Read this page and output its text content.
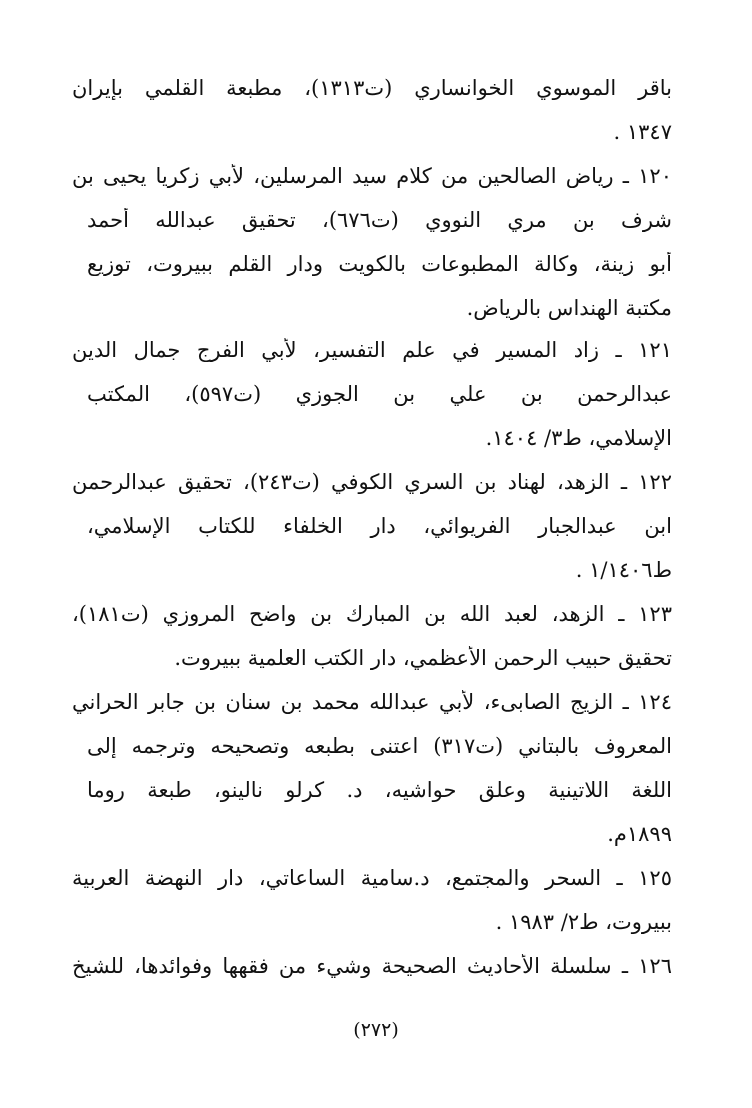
باقر الموسوي الخوانساري (ت١٣١٣)، مطبعة القلمي بإيران
١٣٤٧ .
١٢٠ ـ رياض الصالحين من كلام سيد المرسلين، لأبي زكريا يحيى بن
شرف بن مري النووي (ت٦٧٦)، تحقيق عبدالله أحمد
أبو زينة، وكالة المطبوعات بالكويت ودار القلم ببيروت، توزيع
مكتبة الهنداس بالرياض.
١٢١ ـ زاد المسير في علم التفسير، لأبي الفرج جمال الدين
عبدالرحمن بن علي بن الجوزي (ت٥٩٧)، المكتب
الإسلامي، ط٣/ ١٤٠٤.
١٢٢ ـ الزهد، لهناد بن السري الكوفي (ت٢٤٣)، تحقيق عبدالرحمن
ابن عبدالجبار الفريوائي، دار الخلفاء للكتاب الإسلامي،
ط١/١٤٠٦ .
١٢٣ ـ الزهد، لعبد الله بن المبارك بن واضح المروزي (ت١٨١)،
تحقيق حبيب الرحمن الأعظمي، دار الكتب العلمية ببيروت.
١٢٤ ـ الزيج الصابىء، لأبي عبدالله محمد بن سنان بن جابر الحراني
المعروف بالبتاني (ت٣١٧) اعتنى بطبعه وتصحيحه وترجمه إلى
اللغة اللاتينية وعلق حواشيه، د. كرلو نالينو، طبعة روما
١٨٩٩م.
١٢٥ ـ السحر والمجتمع، د.سامية الساعاتي، دار النهضة العربية
ببيروت، ط٢/ ١٩٨٣ .
١٢٦ ـ سلسلة الأحاديث الصحيحة وشيء من فقهها وفوائدها، للشيخ
(٢٧٢)
